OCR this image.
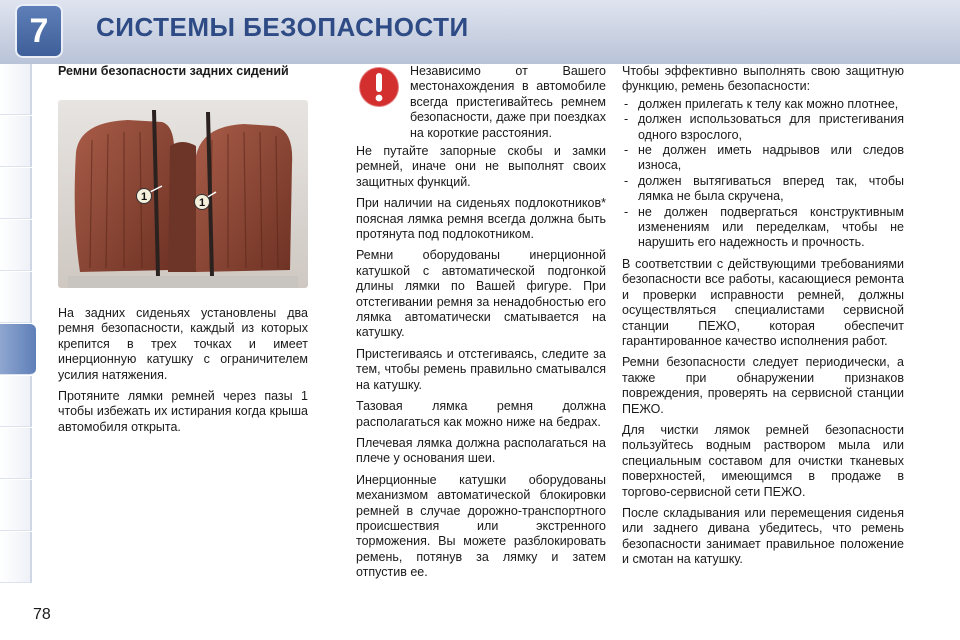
7	СИСТЕМЫ БЕЗОПАСНОСТИ
Ремни безопасности задних сидений
1	1

На задних сиденьях установлены два ремня безопасности, каждый из которых крепится в трех точках и имеет инерционную катушку с ограничителем усилия натяжения.

Протяните лямки ремней через пазы 1 чтобы избежать их истирания когда крыша автомобиля открыта.

Независимо от Вашего местонахождения в автомобиле всегда пристегивайтесь ремнем безопасности, даже при поездках на короткие расстояния.

Не путайте запорные скобы и замки ремней, иначе они не выполнят своих защитных функций.

При наличии на сиденьях подлокотников* поясная лямка ремня всегда должна быть протянута под подлокотником.

Ремни оборудованы инерционной катушкой с автоматической подгонкой длины лямки по Вашей фигуре. При отстегивании ремня за ненадобностью его лямка автоматически сматывается на катушку.

Пристегиваясь и отстегиваясь, следите за тем, чтобы ремень правильно сматывался на катушку.

Тазовая лямка ремня должна располагаться как можно ниже на бедрах.

Плечевая лямка должна располагаться на плече у основания шеи.

Инерционные катушки оборудованы механизмом автоматической блокировки ремней в случае дорожно-транспортного происшествия или экстренного торможения. Вы можете разблокировать ремень, потянув за лямку и затем отпустив ее.

Чтобы эффективно выполнять свою защитную функцию, ремень безопасности:

- должен прилегать к телу как можно плотнее,
- должен использоваться для пристегивания одного взрослого,
- не должен иметь надрывов или следов износа,
- должен вытягиваться вперед так, чтобы лямка не была скручена,
- не должен подвергаться конструктивным изменениям или переделкам, чтобы не нарушить его надежность и прочность.

В соответствии с действующими требованиями безопасности все работы, касающиеся ремонта и проверки исправности ремней, должны осуществляться специалистами сервисной станции ПЕЖО, которая обеспечит гарантированное качество исполнения работ.

Ремни безопасности следует периодически, а также при обнаружении признаков повреждения, проверять на сервисной станции ПЕЖО.

Для чистки лямок ремней безопасности пользуйтесь водным раствором мыла или специальным составом для очистки тканевых поверхностей, имеющимся в продаже в торгово-сервисной сети ПЕЖО.

После складывания или перемещения сиденья или заднего дивана убедитесь, что ремень безопасности занимает правильное положение и смотан на катушку.

78
